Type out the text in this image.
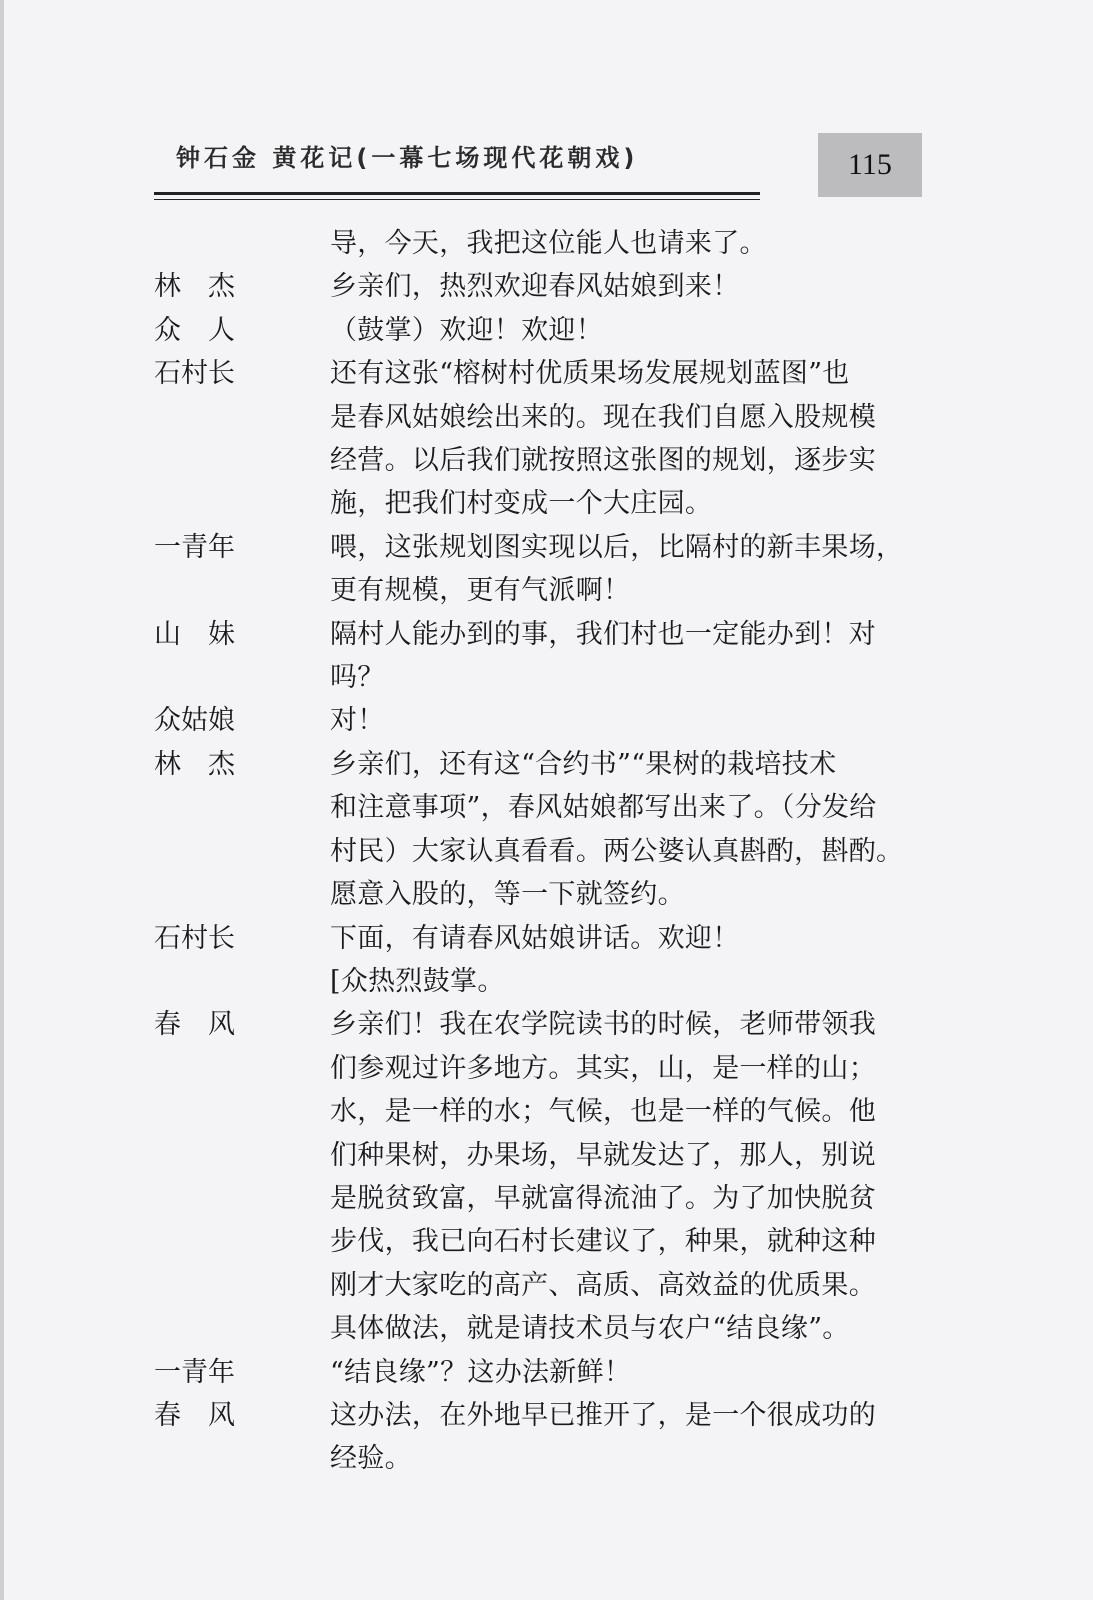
钟石金 黄花记(一幕七场现代花朝戏)	115
导，今天，我把这位能人也请来了。
林　杰	乡亲们，热烈欢迎春风姑娘到来！
众　人	（鼓掌）欢迎！欢迎！
石村长	还有这张“榕树村优质果场发展规划蓝图”也
是春风姑娘绘出来的。现在我们自愿入股规模
经营。以后我们就按照这张图的规划，逐步实
施，把我们村变成一个大庄园。
一青年	喂，这张规划图实现以后，比隔村的新丰果场，
更有规模，更有气派啊！
山　妹	隔村人能办到的事，我们村也一定能办到！对
吗？
众姑娘	对！
林　杰	乡亲们，还有这“合约书”“果树的栽培技术
和注意事项”，春风姑娘都写出来了。（分发给
村民）大家认真看看。两公婆认真斟酌，斟酌。
愿意入股的，等一下就签约。
石村长	下面，有请春风姑娘讲话。欢迎！
[众热烈鼓掌。
春　风	乡亲们！我在农学院读书的时候，老师带领我
们参观过许多地方。其实，山，是一样的山；
水，是一样的水；气候，也是一样的气候。他
们种果树，办果场，早就发达了，那人，别说
是脱贫致富，早就富得流油了。为了加快脱贫
步伐，我已向石村长建议了，种果，就种这种
刚才大家吃的高产、高质、高效益的优质果。
具体做法，就是请技术员与农户“结良缘”。
一青年	“结良缘”？这办法新鲜！
春　风	这办法，在外地早已推开了，是一个很成功的
经验。
